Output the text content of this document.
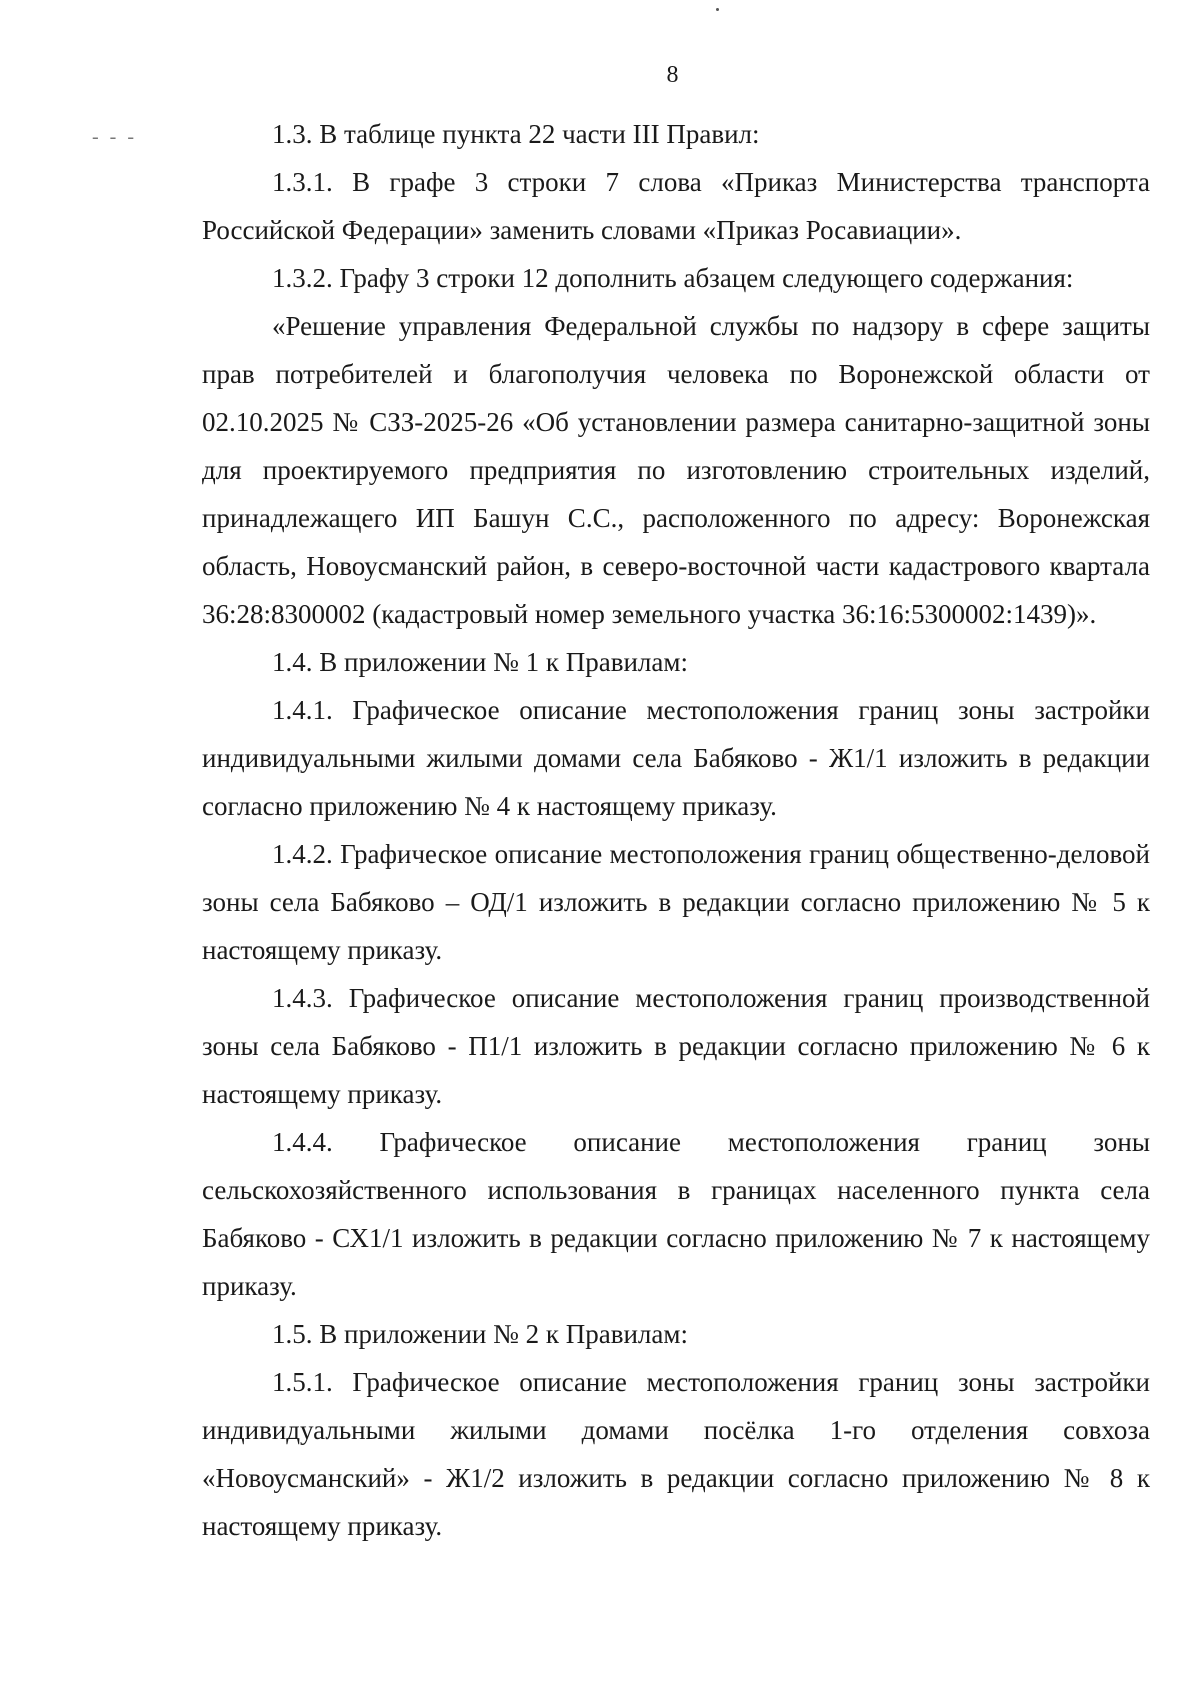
8
- - -	1.3. В таблице пункта 22 части III Правил:

1.3.1. В графе 3 строки 7 слова «Приказ Министерства транспорта Российской Федерации» заменить словами «Приказ Росавиации».

1.3.2. Графу 3 строки 12 дополнить абзацем следующего содержания:

«Решение управления Федеральной службы по надзору в сфере защиты прав потребителей и благополучия человека по Воронежской области от 02.10.2025 № СЗЗ-2025-26 «Об установлении размера санитарно-защитной зоны для проектируемого предприятия по изготовлению строительных изделий, принадлежащего ИП Башун С.С., расположенного по адресу: Воронежская область, Новоусманский район, в северо-восточной части кадастрового квартала 36:28:8300002 (кадастровый номер земельного участка 36:16:5300002:1439)».

1.4. В приложении № 1 к Правилам:

1.4.1. Графическое описание местоположения границ зоны застройки индивидуальными жилыми домами села Бабяково - Ж1/1 изложить в редакции согласно приложению № 4 к настоящему приказу.

1.4.2. Графическое описание местоположения границ общественно-деловой зоны села Бабяково – ОД/1 изложить в редакции согласно приложению № 5 к настоящему приказу.

1.4.3. Графическое описание местоположения границ производственной зоны села Бабяково - П1/1 изложить в редакции согласно приложению № 6 к настоящему приказу.

1.4.4. Графическое описание местоположения границ зоны сельскохозяйственного использования в границах населенного пункта села Бабяково - СХ1/1 изложить в редакции согласно приложению № 7 к настоящему приказу.

1.5. В приложении № 2 к Правилам:

1.5.1. Графическое описание местоположения границ зоны застройки индивидуальными жилыми домами посёлка 1-го отделения совхоза «Новоусманский» - Ж1/2 изложить в редакции согласно приложению № 8 к настоящему приказу.
